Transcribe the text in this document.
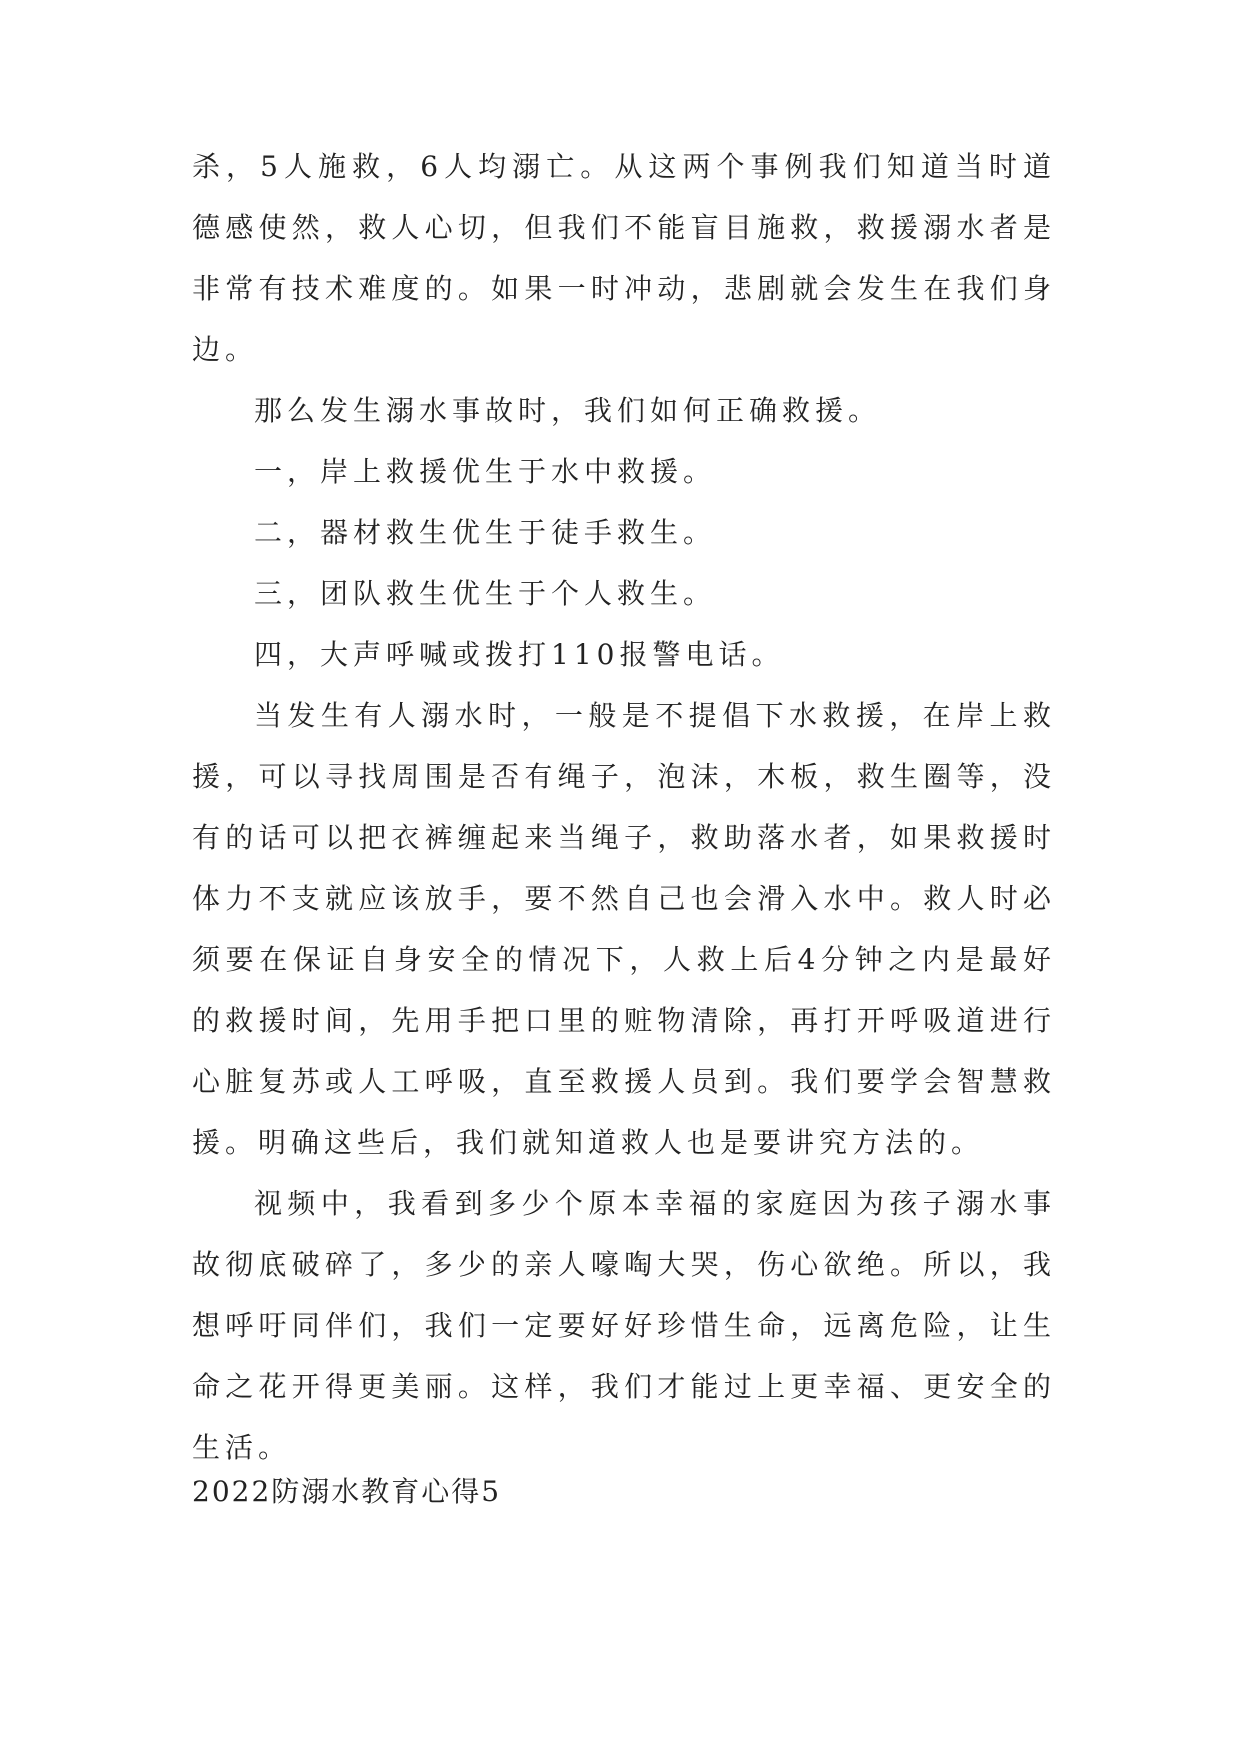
杀，5人施救，6人均溺亡。从这两个事例我们知道当时道德感使然，救人心切，但我们不能盲目施救，救援溺水者是非常有技术难度的。如果一时冲动，悲剧就会发生在我们身边。

那么发生溺水事故时，我们如何正确救援。

一，岸上救援优生于水中救援。

二，器材救生优生于徒手救生。

三，团队救生优生于个人救生。

四，大声呼喊或拨打110报警电话。

当发生有人溺水时，一般是不提倡下水救援，在岸上救援，可以寻找周围是否有绳子，泡沫，木板，救生圈等，没有的话可以把衣裤缠起来当绳子，救助落水者，如果救援时体力不支就应该放手，要不然自己也会滑入水中。救人时必须要在保证自身安全的情况下，人救上后4分钟之内是最好的救援时间，先用手把口里的赃物清除，再打开呼吸道进行心脏复苏或人工呼吸，直至救援人员到。我们要学会智慧救援。明确这些后，我们就知道救人也是要讲究方法的。

视频中，我看到多少个原本幸福的家庭因为孩子溺水事故彻底破碎了，多少的亲人嚎啕大哭，伤心欲绝。所以，我想呼吁同伴们，我们一定要好好珍惜生命，远离危险，让生命之花开得更美丽。这样，我们才能过上更幸福、更安全的生活。

2022防溺水教育心得5
